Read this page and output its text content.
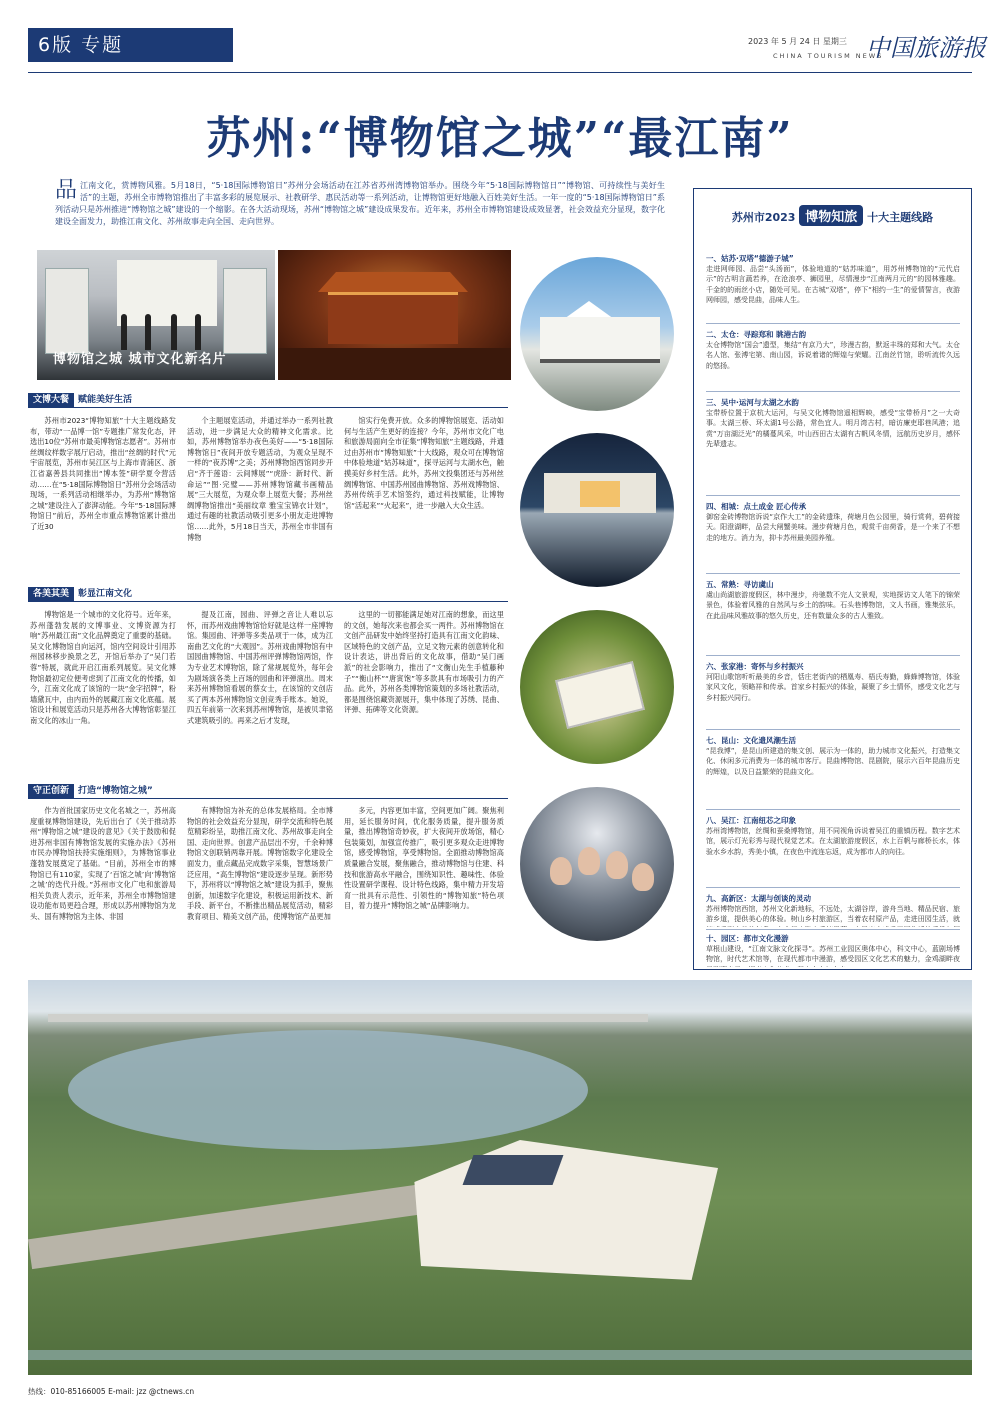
6版 专题	2023 年 5 月 24 日 星期三
CHINA TOURISM NEWS
中国旅游报
苏州:“博物馆之城”“最江南”
品江南文化，赏博物风雅。5月18日，“5·18国际博物馆日”苏州分会场活动在江苏省苏州湾博物馆举办。围绕今年“5·18国际博物馆日”“博物馆、可持续性与美好生活”的主题，苏州全市博物馆推出了丰富多彩的展览展示、社教研学、惠民活动等一系列活动，让博物馆更好地融入百姓美好生活。一年一度的“5·18国际博物馆日”系列活动只是苏州推进“博物馆之城”建设的一个缩影。在各大活动现场，苏州“博物馆之城”建设成果发布。近年来，苏州全市博物馆建设成效显著，社会效益充分显现，数字化建设全面发力，助推江南文化、苏州故事走向全国、走向世界。
博物馆之城 城市文化新名片
文博大餐 赋能美好生活

苏州市2023“博物知旅”十大主题线路发布，带动“一品博一馆”专题推广常发化态，评选出10位“苏州市最美博物馆志愿者”。苏州市丝绸纹样数字展厅启动，推出“丝绸的时代”元宇宙展览，苏州市吴江区与上海市青浦区、浙江省嘉善县共同推出“博本签”研学夏令营活动……在“5·18国际博物馆日”苏州分会场活动现场，一系列活动相继举办，为苏州“博物馆之城”建设注入了澎湃动能。今年“5·18国际博物馆日”前后，苏州全市重点博物馆累计推出了近30

个主题展览活动，并通过举办一系列社教活动，进一步满足大众的精神文化需求。比如，苏州博物馆举办夜色美好——“5·18国际博物馆日”夜间开放专题活动，为观众呈现不一样的“夜苏博”之美；苏州博物馆西馆同步开启“齐于莲语：云间博展”“虎卧：新时代、新命运”“图·完璧——苏州博物馆藏书画精品展”三大展览，为观众奉上展览大餐；苏州丝绸博物馆推出“美丽纹章 雅宝宝锦衣计划”，通过有趣的社教活动吸引更多小朋友走进博物馆……此外，5月18日当天，苏州全市非国有博物

馆实行免费开放。众多的博物馆展览、活动如何与生活产生更好的连接？今年，苏州市文化广电和旅游局面向全市征集“博物知旅”主题线路，并通过由苏州市“博物知旅”十大线路，观众可在博物馆中体验地道“姑苏味道”，探寻运河与太湖水色，触摸美好乡村生活。此外，苏州文投集团还与苏州丝绸博物馆、中国苏州园曲博物馆、苏州戏博物馆、苏州传统手艺术馆签约，通过科技赋能，让博物馆“活起来”“火起来”，进一步融入大众生活。

各美其美 彰显江南文化

博物馆是一个城市的文化符号。近年来，苏州蓬勃发展的文博事业、文博资源为打响“苏州最江南”文化品牌奠定了重要的基础。吴文化博物馆自向运河，馆内空间设计引用苏州园林移步换景之艺，开馆后举办了“吴门若蓉”特展，就此开启江南系列展览。吴文化博物馆最初定位便考虑到了江南文化的传播，如今，江南文化成了该馆的一块“金字招牌”，粉墙黛瓦中，由内而外的展藏江南文化底蕴。展馆设计和展览活动只是苏州各大博物馆彰显江南文化的冰山一角。

提及江南，园曲、评弹之音让人难以忘怀，而苏州戏曲博物馆恰好就是这样一座博物馆。集园曲、评弹等多类品项于一体，成为江南曲艺文化的“大观园”。苏州戏曲博物馆有中国园曲博物馆、中国苏州评弹博物馆两馆，作为专业艺术博物馆，除了常规展览外，每年会为剧场演各类上百场的园曲和评弹演出。周末来苏州博物馆看展的蔡女士，在该馆的文创店买了两本苏州博物馆文创竞秀手账本。她说，四五年前第一次来到苏州博物馆，是被贝聿铭式建筑吸引的。再来之后才发现，

这里的一切都能满足她对江南的想象，而这里的文创，她每次来也都会买一两件。苏州博物馆在文创产品研发中始终坚持打造具有江南文化韵味、区域特色的文创产品，立足文物元素的创意转化和设计表达，讲出背后的文化故事，借助“吴门画派”的社会影响力，推出了“文衡山先生手植藤种子”“衡山杯”“唐寅饱”等多款具有市场吸引力的产品。此外，苏州各类博物馆策划的多场社教活动，都是围绕馆藏资源展开，集中体现了苏绣、昆曲、评弹、拓碑等文化资源。

守正创新 打造“博物馆之城”

作为首批国家历史文化名城之一，苏州高度重视博物馆建设，先后出台了《关于推动苏州“博物馆之城”建设的意见》《关于鼓励和促进苏州非国有博物馆发展的实施办法》《苏州市民办博物馆扶持实施细则》，为博物馆事业蓬勃发展奠定了基础。“目前，苏州全市的博物馆已有110家，实现了‘百馆之城’向‘博物馆之城’的迭代升级。”苏州市文化广电和旅游局相关负责人表示，近年来，苏州全市博物馆建设功能布局更趋合理，形成以苏州博物馆为龙头、国有博物馆为主体、非国

有博物馆为补充的总体发展格局。全市博物馆的社会效益充分显现，研学交流和特色展览精彩纷呈，助推江南文化、苏州故事走向全国、走向世界。创意产品层出不穷，千余种博物馆文创联销两靠开展。博物馆数字化建设全面发力，重点藏品完成数字采集，智慧场景广泛应用，“高生博物馆”建设逐步呈现。新形势下，苏州将以“博物馆之城”建设为抓手，聚焦创新，加速数字化建设，积极运用新技术、新手段、新平台，不断推出精品展览活动，精彩教育项目、精美文创产品，使博物馆产品更加

多元，内容更加丰富，空间更加广阔。聚焦利用，延长服务时间，优化服务质量，提升服务质量，推出博物馆奇妙夜，扩大夜间开放场馆，精心包装策划，加强宣传推广，吸引更多观众走进博物馆，感受博物馆，享受博物馆。全面推动博物馆高质量融合发展，聚焦融合，推动博物馆与住建、科技和旅游高水平融合，围绕知识性、趣味性、体验性设置研学课程、设计特色线路，集中精力开发培育一批具有示范性、引领性的“博物知旅”特色项目，着力提升“博物馆之城”品牌影响力。

苏州市2023 博物知旅 十大主题线路
一、姑苏·双塔“德游子城”
走进网师园、品尝“头汤面”，体验地道的“姑苏味道”，用苏州博物馆的“元代启示”的古明言蔬若养，在沧浪亭、狮园里，尽情漫步“江南两月元的”的园林雅趣。千金的的雨丝小店，随处可见。在古城“双塔”，停下“相约一生”的爱情誓言，夜游网师园，感受昆曲，品味人生。
二、太仓：寻踪郑和 眺港古韵
太仓博物馆“国会”遗型，集结“有京乃大”，珍漫古韵，默返丰珠的郑和大气。太仓名人馆、张溥宅第、南山园，诉说着诸的辉煌与荣耀。江南丝竹馆，聆听流传久远的悠扬。
三、吴中·运河与太湖之水韵
宝带桥位置于京杭大运河，与吴文化博物馆遥相辉映，感受“宝带桥月”之一大奇事。太湖三桥、环太湖1号公路，常色宜人。明月湾古村，暗访廉吏耶巷风港；追赏“万亩湖泛光”的橘蔓风采，叶山西田古太湖有古帆风冬情，远航历史岁月，感怀先辈遗志。
四、相城：点土成金 匠心传承
御窑金砖博物馆诉说“京作大工”的金砖遗珠，荷塘月色公园里，骑行赏荷，碧荷接天。阳澄湖畔，品尝大闸蟹美味。漫步荷塘月色，观赏千亩荷香，是一个来了不想走的地方。消力为，抑卡苏州最美园养殖。
五、常熟：寻访虞山
虞山尚湖旅游度假区，林中漫步，舟驰数不完人文景观，实地探访文人笔下的锦荣景色，体验着风雅的自然风与乡土的韵味。石头巷博物馆，文人书画，雅集弦乐，在此品味风雅故事的悠久历史，还有数量众多的古人雅致。
六、张家港：寄怀与乡村振兴
河阳山歌馆听听最美的乡音，恬庄老街内的栖凰寿、梧氏寿勤，蜂蜂博物馆，体验家风文化，领略祥和传承。首家乡村振兴的体验，凝聚了乡土情怀，感受文化艺与乡村振兴同行。
七、昆山：文化遗风潮生活
“昆我博”，是昆山所建造的集文创、展示为一体的，助力城市文化振兴，打造集文化、休闲多元消费为一体的城市客厅。昆曲博物馆、昆剧院，展示六百年昆曲历史的辉煌，以及日益繁荣的昆曲文化。
八、吴江：江南纽芯之印象
苏州湾博物馆，丝绸和蚕桑博物馆，用不同视角诉说着吴江的重镇历程。数字艺术馆，展示灯光彩秀与现代视觉艺术。在太湖旅游度假区，水上百帆与廊桥长水，体验水乡水韵，秀美小镇，在夜色中流连忘返，成为都市人的向往。
九、高新区：太湖与创谈的灵动
苏州博物馆西馆，苏州文化新地标，不远处，太湖谷岸，游舟当地、精品民宿、旅游乡道，提供美心的体验。树山乡村旅游区，当着农村原产品，走进田园生活，就
十、园区：都市文化漫游
草根山建设，“江南文脉文化探寻”。苏州工业园区奥体中心，科文中心，蓝剧场博物馆，时代艺术馆等，在现代都市中漫游，感受园区文化艺术的魅力，金鸡湖畔夜
热线：010-85166005 E-mail: jzz @ctnews.cn
